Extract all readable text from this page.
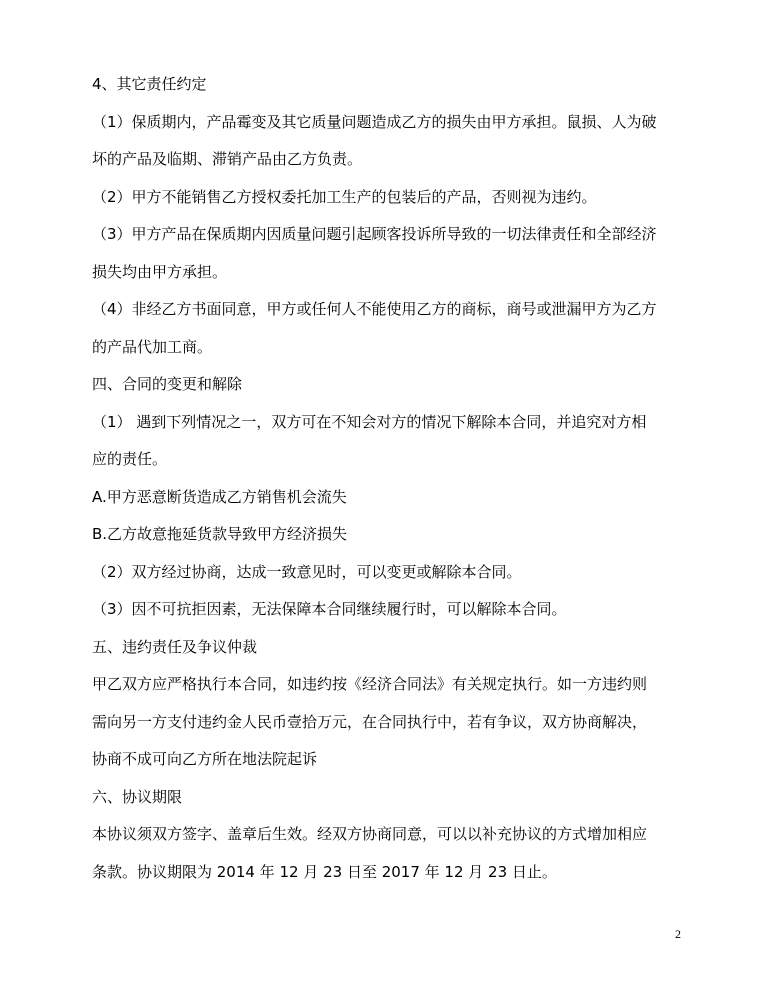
4、其它责任约定
（1）保质期内，产品霉变及其它质量问题造成乙方的损失由甲方承担。鼠损、人为破
坏的产品及临期、滞销产品由乙方负责。
（2）甲方不能销售乙方授权委托加工生产的包装后的产品，否则视为违约。
（3）甲方产品在保质期内因质量问题引起顾客投诉所导致的一切法律责任和全部经济
损失均由甲方承担。
（4）非经乙方书面同意，甲方或任何人不能使用乙方的商标，商号或泄漏甲方为乙方
的产品代加工商。
四、合同的变更和解除
（1） 遇到下列情况之一，双方可在不知会对方的情况下解除本合同，并追究对方相
应的责任。
A.甲方恶意断货造成乙方销售机会流失
B.乙方故意拖延货款导致甲方经济损失
（2）双方经过协商，达成一致意见时，可以变更或解除本合同。
（3）因不可抗拒因素，无法保障本合同继续履行时，可以解除本合同。
五、违约责任及争议仲裁
甲乙双方应严格执行本合同，如违约按《经济合同法》有关规定执行。如一方违约则
需向另一方支付违约金人民币壹拾万元，在合同执行中，若有争议，双方协商解决，
协商不成可向乙方所在地法院起诉
六、协议期限
本协议须双方签字、盖章后生效。经双方协商同意，可以以补充协议的方式增加相应
条款。协议期限为 2014 年 12 月 23 日至 2017 年 12 月 23 日止。
2
